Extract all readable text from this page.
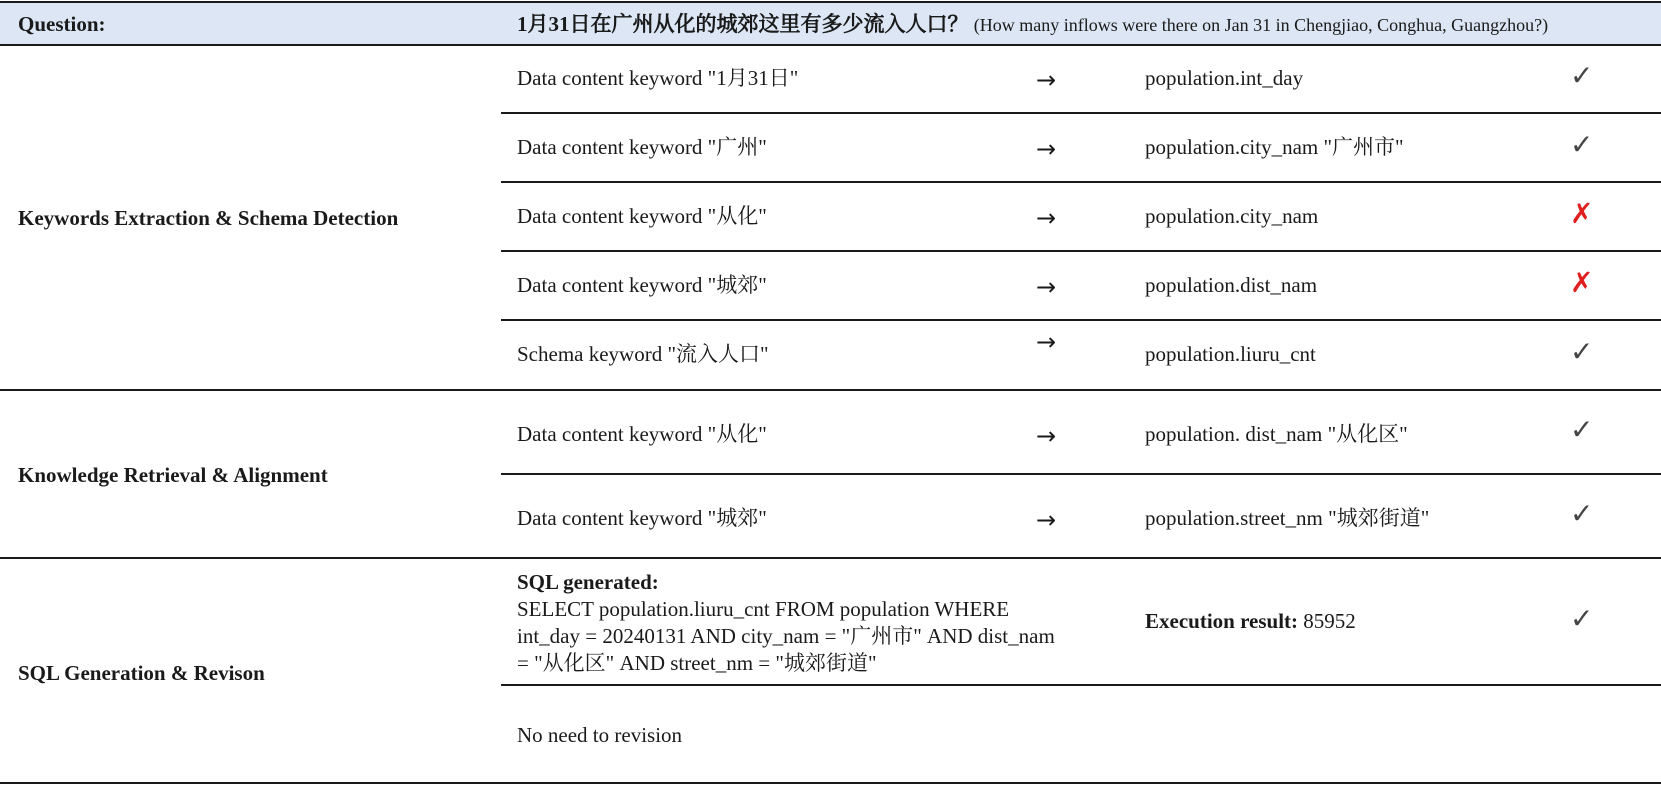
Question:	1月31日在广州从化的城郊这里有多少流入人口？ (How many inflows were there on Jan 31 in Chengjiao, Conghua, Guangzhou?)
Keywords Extraction & Schema Detection
Data content keyword "1月31日"	→	population.int_day	✓
Data content keyword "广州"	→	population.city_nam "广州市"	✓
Data content keyword "从化"	→	population.city_nam	✗
Data content keyword "城郊"	→	population.dist_nam	✗
Schema keyword "流入人口"	→	population.liuru_cnt	✓
Knowledge Retrieval & Alignment
Data content keyword "从化"	→	population. dist_nam "从化区"	✓
Data content keyword "城郊"	→	population.street_nm "城郊街道"	✓
SQL Generation & Revison
SQL generated:
SELECT population.liuru_cnt FROM population WHERE
int_day = 20240131 AND city_nam = "广州市" AND dist_nam
= "从化区" AND street_nm = "城郊街道"
Execution result: 85952	✓
No need to revision
